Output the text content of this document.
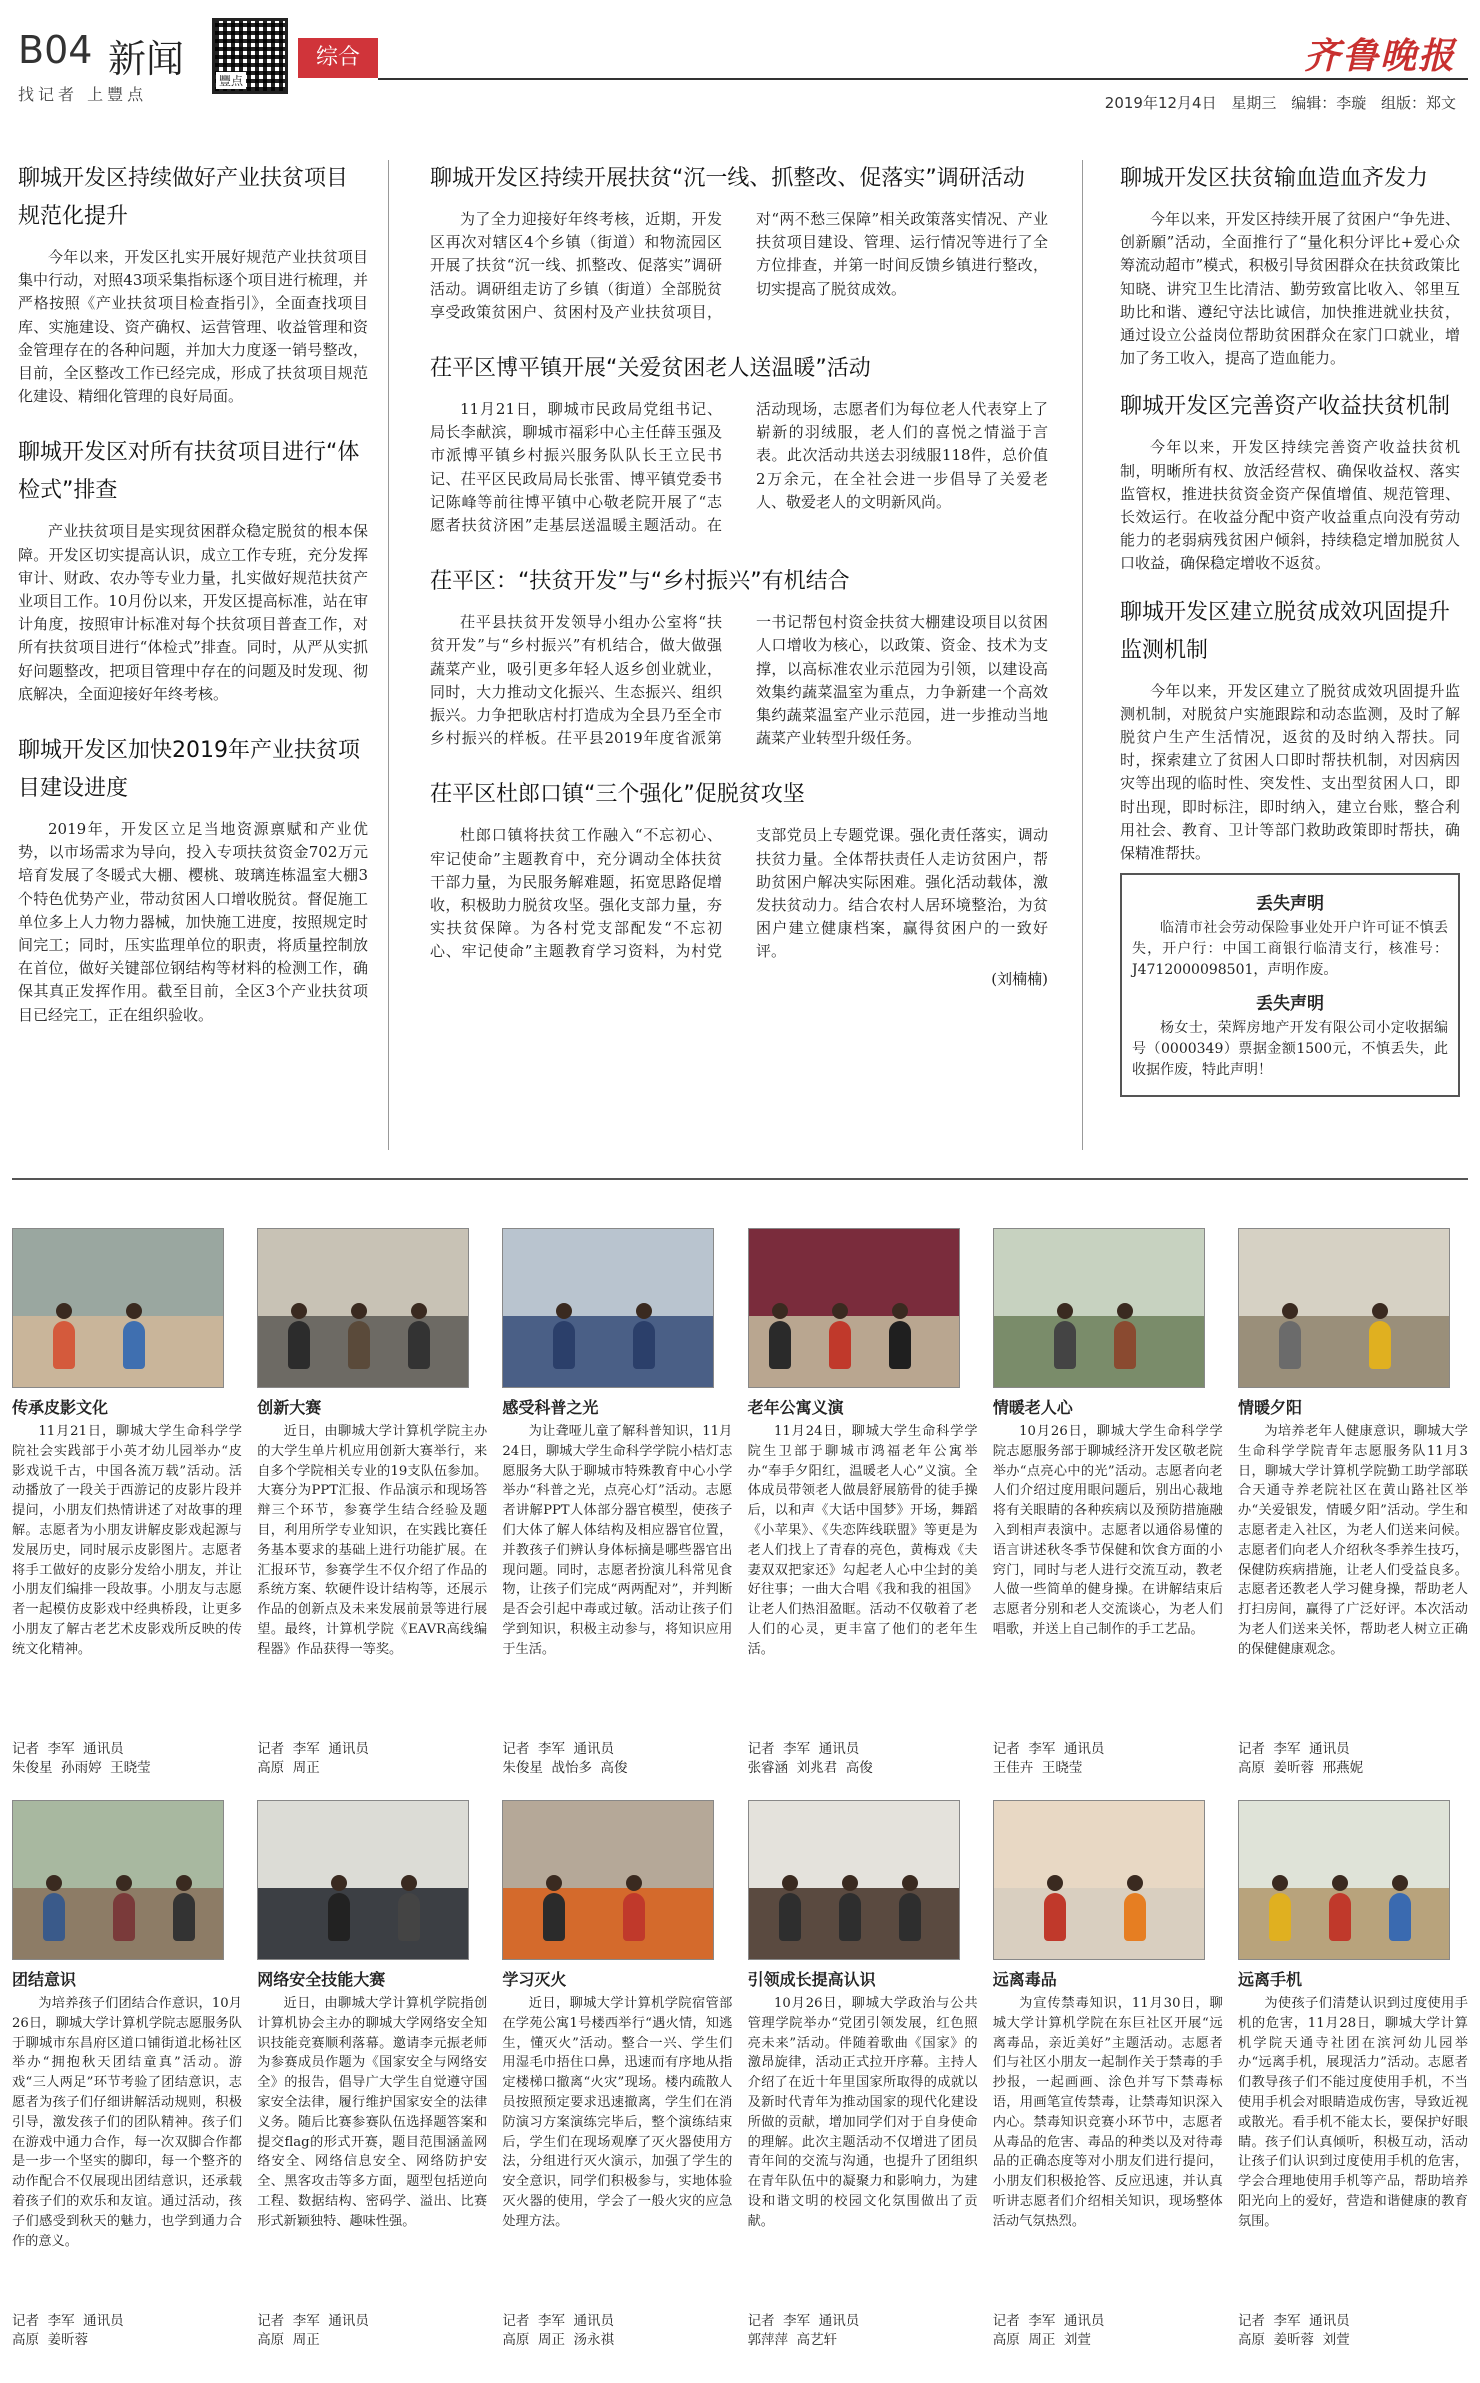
B04 新闻
找记者 上豐点
豐点
综合	齐鲁晚报
2019年12月4日 星期三 编辑：李璇 组版：郑文
聊城开发区持续做好产业扶贫项目规范化提升
今年以来，开发区扎实开展好规范产业扶贫项目集中行动，对照43项采集指标逐个项目进行梳理，并严格按照《产业扶贫项目检查指引》，全面查找项目库、实施建设、资产确权、运营管理、收益管理和资金管理存在的各种问题，并加大力度逐一销号整改，目前，全区整改工作已经完成，形成了扶贫项目规范化建设、精细化管理的良好局面。
聊城开发区对所有扶贫项目进行“体检式”排查
产业扶贫项目是实现贫困群众稳定脱贫的根本保障。开发区切实提高认识，成立工作专班，充分发挥审计、财政、农办等专业力量，扎实做好规范扶贫产业项目工作。10月份以来，开发区提高标准，站在审计角度，按照审计标准对每个扶贫项目普查工作，对所有扶贫项目进行“体检式”排查。同时，从严从实抓好问题整改，把项目管理中存在的问题及时发现、彻底解决，全面迎接好年终考核。
聊城开发区加快2019年产业扶贫项目建设进度
2019年，开发区立足当地资源禀赋和产业优势，以市场需求为导向，投入专项扶贫资金702万元培育发展了冬暖式大棚、樱桃、玻璃连栋温室大棚3个特色优势产业，带动贫困人口增收脱贫。督促施工单位多上人力物力器械，加快施工进度，按照规定时间完工；同时，压实监理单位的职责，将质量控制放在首位，做好关键部位钢结构等材料的检测工作，确保其真正发挥作用。截至目前，全区3个产业扶贫项目已经完工，正在组织验收。
聊城开发区持续开展扶贫“沉一线、抓整改、促落实”调研活动
为了全力迎接好年终考核，近期，开发区再次对辖区4个乡镇（街道）和物流园区开展了扶贫“沉一线、抓整改、促落实”调研活动。调研组走访了乡镇（街道）全部脱贫享受政策贫困户、贫困村及产业扶贫项目，对“两不愁三保障”相关政策落实情况、产业扶贫项目建设、管理、运行情况等进行了全方位排查，并第一时间反馈乡镇进行整改，切实提高了脱贫成效。
茌平区博平镇开展“关爱贫困老人送温暖”活动
11月21日，聊城市民政局党组书记、局长李献滨，聊城市福彩中心主任薛玉强及市派博平镇乡村振兴服务队队长王立民书记、茌平区民政局局长张雷、博平镇党委书记陈峰等前往博平镇中心敬老院开展了“志愿者扶贫济困”走基层送温暖主题活动。在活动现场，志愿者们为每位老人代表穿上了崭新的羽绒服，老人们的喜悦之情溢于言表。此次活动共送去羽绒服118件，总价值2万余元，在全社会进一步倡导了关爱老人、敬爱老人的文明新风尚。
茌平区：“扶贫开发”与“乡村振兴”有机结合
茌平县扶贫开发领导小组办公室将“扶贫开发”与“乡村振兴”有机结合，做大做强蔬菜产业，吸引更多年轻人返乡创业就业，同时，大力推动文化振兴、生态振兴、组织振兴。力争把耿店村打造成为全县乃至全市乡村振兴的样板。茌平县2019年度省派第一书记帮包村资金扶贫大棚建设项目以贫困人口增收为核心，以政策、资金、技术为支撑，以高标准农业示范园为引领，以建设高效集约蔬菜温室为重点，力争新建一个高效集约蔬菜温室产业示范园，进一步推动当地蔬菜产业转型升级任务。
茌平区杜郎口镇“三个强化”促脱贫攻坚
杜郎口镇将扶贫工作融入“不忘初心、牢记使命”主题教育中，充分调动全体扶贫干部力量，为民服务解难题，拓宽思路促增收，积极助力脱贫攻坚。强化支部力量，夯实扶贫保障。为各村党支部配发“不忘初心、牢记使命”主题教育学习资料，为村党支部党员上专题党课。强化责任落实，调动扶贫力量。全体帮扶责任人走访贫困户，帮助贫困户解决实际困难。强化活动载体，激发扶贫动力。结合农村人居环境整治，为贫困户建立健康档案，赢得贫困户的一致好评。
(刘楠楠)
聊城开发区扶贫输血造血齐发力
今年以来，开发区持续开展了贫困户“争先进、创新願”活动，全面推行了“量化积分评比+爱心众筹流动超市”模式，积极引导贫困群众在扶贫政策比知晓、讲究卫生比清洁、勤劳致富比收入、邻里互助比和谐、遵纪守法比诚信，加快推进就业扶贫，通过设立公益岗位帮助贫困群众在家门口就业，增加了务工收入，提高了造血能力。
聊城开发区完善资产收益扶贫机制
今年以来，开发区持续完善资产收益扶贫机制，明晰所有权、放活经营权、确保收益权、落实监管权，推进扶贫资金资产保值增值、规范管理、长效运行。在收益分配中资产收益重点向没有劳动能力的老弱病残贫困户倾斜，持续稳定增加脱贫人口收益，确保稳定增收不返贫。
聊城开发区建立脱贫成效巩固提升监测机制
今年以来，开发区建立了脱贫成效巩固提升监测机制，对脱贫户实施跟踪和动态监测，及时了解脱贫户生产生活情况，返贫的及时纳入帮扶。同时，探索建立了贫困人口即时帮扶机制，对因病因灾等出现的临时性、突发性、支出型贫困人口，即时出现，即时标注，即时纳入，建立台账，整合利用社会、教育、卫计等部门救助政策即时帮扶，确保精准帮扶。
丢失声明
临清市社会劳动保险事业处开户许可证不慎丢失，开户行：中国工商银行临清支行，核准号：J4712000098501，声明作废。
丢失声明
杨女士，荣辉房地产开发有限公司小定收据编号（0000349）票据金额1500元，不慎丢失，此收据作废，特此声明！
传承皮影文化
11月21日，聊城大学生命科学学院社会实践部于小英才幼儿园举办“皮影戏说千古，中国各流万载”活动。活动播放了一段关于西游记的皮影片段并提问，小朋友们热情讲述了对故事的理解。志愿者为小朋友讲解皮影戏起源与发展历史，同时展示皮影图片。志愿者将手工做好的皮影分发给小朋友，并让小朋友们编排一段故事。小朋友与志愿者一起模仿皮影戏中经典桥段，让更多小朋友了解古老艺术皮影戏所反映的传统文化精神。
记者  李军  通讯员
朱俊星  孙雨婷  王晓莹
创新大赛
近日，由聊城大学计算机学院主办的大学生单片机应用创新大赛举行，来自多个学院相关专业的19支队伍参加。大赛分为PPT汇报、作品演示和现场答辩三个环节，参赛学生结合经验及题目，利用所学专业知识，在实践比赛任务基本要求的基础上进行功能扩展。在汇报环节，参赛学生不仅介绍了作品的系统方案、软硬件设计结构等，还展示作品的创新点及未来发展前景等进行展望。最终，计算机学院《EAVR高线编程器》作品获得一等奖。
记者  李军  通讯员
高原  周正
感受科普之光
为让聋哑儿童了解科普知识，11月24日，聊城大学生命科学学院小桔灯志愿服务大队于聊城市特殊教育中心小学举办“科普之光，点亮心灯”活动。志愿者讲解PPT人体部分器官模型，使孩子们大体了解人体结构及相应器官位置，并教孩子们辨认身体标摘是哪些器官出现问题。同时，志愿者扮演儿科常见食物，让孩子们完成“两两配对”，并判断是否会引起中毒或过敏。活动让孩子们学到知识，积极主动参与，将知识应用于生活。
记者  李军  通讯员
朱俊星  战怡多  高俊
老年公寓义演
11月24日，聊城大学生命科学学院生卫部于聊城市鸿福老年公寓举办“奉手夕阳红，温暖老人心”义演。全体成员带领老人做晨舒展筋骨的徒手操后，以和声《大话中国梦》开场，舞蹈《小苹果》、《失恋阵线联盟》等更是为老人们找上了青春的亮色，黄梅戏《夫妻双双把家还》勾起老人心中尘封的美好往事；一曲大合唱《我和我的祖国》让老人们热泪盈眶。活动不仅敬着了老人们的心灵，更丰富了他们的老年生活。
记者  李军  通讯员
张睿涵  刘兆君  高俊
情暖老人心
10月26日，聊城大学生命科学学院志愿服务部于聊城经济开发区敬老院举办“点亮心中的光”活动。志愿者向老人们介绍过度用眼问题后，别出心裁地将有关眼睛的各种疾病以及预防措施融入到相声表演中。志愿者以通俗易懂的语言讲述秋冬季节保健和饮食方面的小窍门，同时与老人进行交流互动，教老人做一些简单的健身操。在讲解结束后志愿者分别和老人交流谈心，为老人们唱歌，并送上自己制作的手工艺品。
记者  李军  通讯员
王佳卉  王晓莹
情暖夕阳
为培养老年人健康意识，聊城大学生命科学学院青年志愿服务队11月3日，聊城大学计算机学院勤工助学部联合天通寺养老院社区在黄山路社区举办“关爱银发，情暖夕阳”活动。学生和志愿者走入社区，为老人们送来问候。志愿者们向老人介绍秋冬季养生技巧，保健防疾病措施，让老人们受益良多。志愿者还教老人学习健身操，帮助老人打扫房间，赢得了广泛好评。本次活动为老人们送来关怀，帮助老人树立正确的保健健康观念。
记者  李军  通讯员
高原  姜昕蓉  邢燕妮
团结意识
为培养孩子们团结合作意识，10月26日，聊城大学计算机学院志愿服务队于聊城市东昌府区道口铺街道北杨社区举办“拥抱秋天团结童真”活动。游戏“三人两足”环节考验了团结意识，志愿者为孩子们仔细讲解活动规则，积极引导，激发孩子们的团队精神。孩子们在游戏中通力合作，每一次双脚合作都是一步一个坚实的脚印，每一个整齐的动作配合不仅展现出团结意识，还承载着孩子们的欢乐和友谊。通过活动，孩子们感受到秋天的魅力，也学到通力合作的意义。
记者  李军  通讯员
高原  姜昕蓉
网络安全技能大赛
近日，由聊城大学计算机学院指创计算机协会主办的聊城大学网络安全知识技能竞赛顺利落幕。邀请李元振老师为参赛成员作题为《国家安全与网络安全》的报告，倡导广大学生自觉遵守国家安全法律，履行维护国家安全的法律义务。随后比赛参赛队伍选择题答案和提交flag的形式开赛，题目范围涵盖网络安全、网络信息安全、网络防护安全、黑客攻击等多方面，题型包括逆向工程、数据结构、密码学、溢出、比赛形式新颖独特、趣味性强。
记者  李军  通讯员
高原  周正
学习灭火
近日，聊城大学计算机学院宿管部在学苑公寓1号楼西举行“遇火情，知逃生，懂灭火”活动。整合一兴、学生们用湿毛巾捂住口鼻，迅速而有序地从指定楼梯口撤离“火灾”现场。楼内疏散人员按照预定要求迅速撤离，学生们在消防演习方案演练完毕后，整个演练结束后，学生们在现场观摩了灭火器使用方法，分组进行灭火演示，加强了学生的安全意识，同学们积极参与，实地体验灭火器的使用，学会了一般火灾的应急处理方法。
记者  李军  通讯员
高原  周正  汤永祺
引领成长提高认识
10月26日，聊城大学政治与公共管理学院举办“党团引领发展，红色照亮未来”活动。伴随着歌曲《国家》的激昂旋律，活动正式拉开序幕。主持人介绍了在近十年里国家所取得的成就以及新时代青年为推动国家的现代化建设所做的贡献，增加同学们对于自身使命的理解。此次主题活动不仅增进了团员青年间的交流与沟通，也提升了团组织在青年队伍中的凝聚力和影响力，为建设和谐文明的校园文化氛围做出了贡献。
记者  李军  通讯员
郭萍萍  高艺轩
远离毒品
为宣传禁毒知识，11月30日，聊城大学计算机学院在东巨社区开展“远离毒品，亲近美好”主题活动。志愿者们与社区小朋友一起制作关于禁毒的手抄报，一起画画、涂色并写下禁毒标语，用画笔宣传禁毒，让禁毒知识深入内心。禁毒知识竞赛小环节中，志愿者从毒品的危害、毒品的种类以及对待毒品的正确态度等对小朋友们进行提问，小朋友们积极抢答、反应迅速，并认真听讲志愿者们介绍相关知识，现场整体活动气氛热烈。
记者  李军  通讯员
高原  周正  刘萱
远离手机
为使孩子们清楚认识到过度使用手机的危害，11月28日，聊城大学计算机学院天通寺社团在滨河幼儿园举办“远离手机，展现活力”活动。志愿者们教导孩子们不能过度使用手机，不当使用手机会对眼睛造成伤害，导致近视或散光。看手机不能太长，要保护好眼睛。孩子们认真倾听，积极互动，活动让孩子们认识到过度使用手机的危害，学会合理地使用手机等产品，帮助培养阳光向上的爱好，营造和谐健康的教育氛围。
记者  李军  通讯员
高原  姜昕蓉  刘萱
